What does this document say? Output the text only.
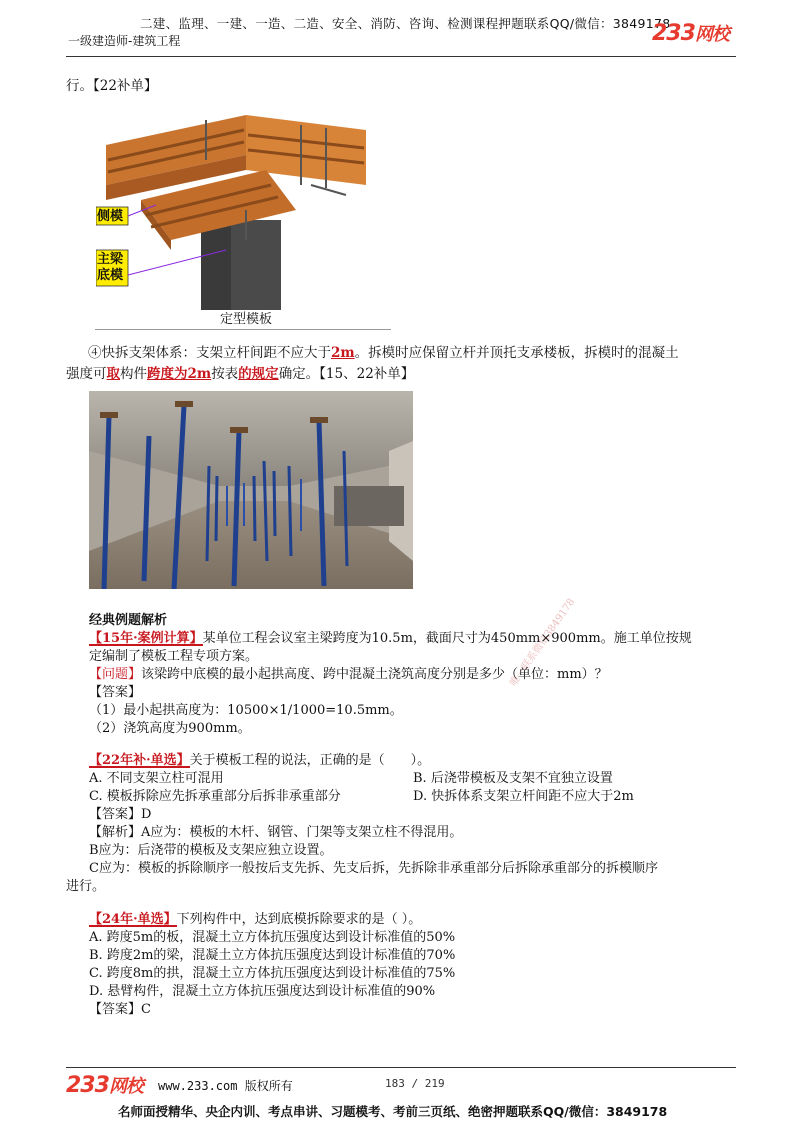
二建、监理、一建、一造、二造、安全、消防、咨询、检测课程押题联系QQ/微信：3849178
一级建造师-建筑工程	233网校
行。【22补单】
侧模
主梁
底模
定型模板
④快拆支架体系：支架立杆间距不应大于2m。拆模时应保留立杆并顶托支承楼板，拆模时的混凝土
强度可取构件跨度为2m按表的规定确定。【15、22补单】
经典例题解析
【15年·案例计算】某单位工程会议室主梁跨度为10.5m，截面尺寸为450mm×900mm。施工单位按规
定编制了模板工程专项方案。
【问题】该梁跨中底模的最小起拱高度、跨中混凝土浇筑高度分别是多少（单位：mm）？
【答案】
（1）最小起拱高度为：10500×1/1000=10.5mm。
（2）浇筑高度为900mm。
唯一联系微信3849178
【22年补·单选】关于模板工程的说法，正确的是（　　）。
A. 不同支架立柱可混用	B. 后浇带模板及支架不宜独立设置
C. 模板拆除应先拆承重部分后拆非承重部分	D. 快拆体系支架立杆间距不应大于2m
【答案】D
【解析】A应为：模板的木杆、钢管、门架等支架立柱不得混用。
B应为：后浇带的模板及支架应独立设置。
C应为：模板的拆除顺序一般按后支先拆、先支后拆，先拆除非承重部分后拆除承重部分的拆模顺序
进行。
【24年·单选】下列构件中，达到底模拆除要求的是（ ）。
A. 跨度5m的板，混凝土立方体抗压强度达到设计标准值的50%
B. 跨度2m的梁，混凝土立方体抗压强度达到设计标准值的70%
C. 跨度8m的拱，混凝土立方体抗压强度达到设计标准值的75%
D. 悬臂构件，混凝土立方体抗压强度达到设计标准值的90%
【答案】C
233网校 www.233.com 版权所有	183 / 219
名师面授精华、央企内训、考点串讲、习题模考、考前三页纸、绝密押题联系QQ/微信：3849178
